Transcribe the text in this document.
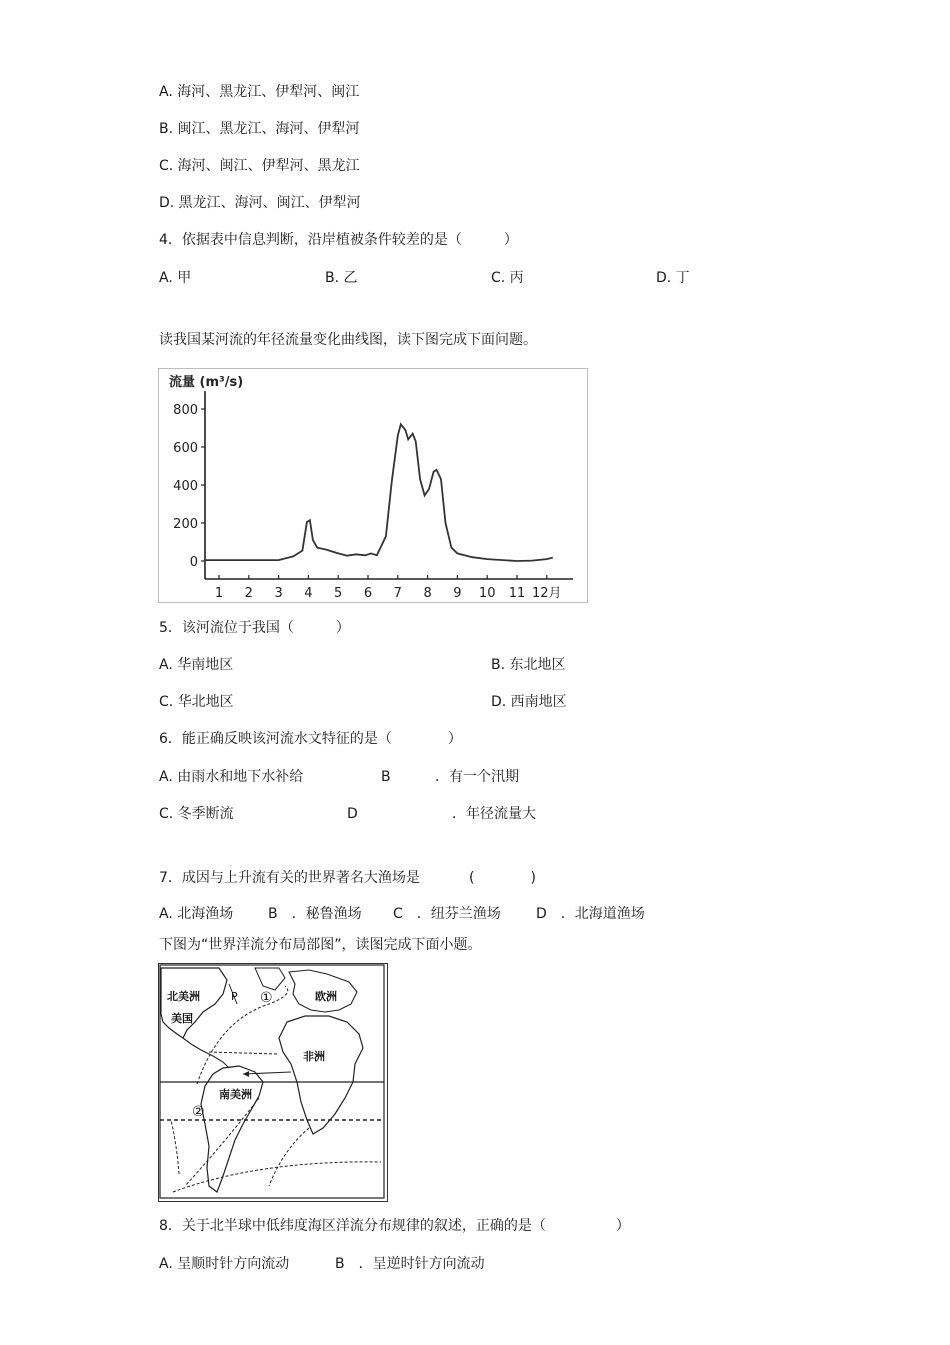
A. 海河、黑龙江、伊犁河、闽江
B. 闽江、黑龙江、海河、伊犁河
C. 海河、闽江、伊犁河、黑龙江
D. 黑龙江、海河、闽江、伊犁河
4．依据表中信息判断，沿岸植被条件较差的是（　　　）
A. 甲	B. 乙	C. 丙	D. 丁
读我国某河流的年径流量变化曲线图，读下图完成下面问题。
流量 (m³/s)
0
200
400
600
800
1 2 3 4 5 6 7 8 9 10 11 12月
5．该河流位于我国（　　　）
A. 华南地区	B. 东北地区
C. 华北地区	D. 西南地区
6．能正确反映该河流水文特征的是（　　　　）
A. 由雨水和地下水补给	B	．有一个汛期
C. 冬季断流	D	．年径流量大
7．成因与上升流有关的世界著名大渔场是	(　　　　)
A. 北海渔场 B　．秘鲁渔场 C　．纽芬兰渔场	D　．北海道渔场
下图为“世界洋流分布局部图”，读图完成下面小题。
北美洲
美国
P ①	欧洲
非洲
南美洲
②
8．关于北半球中低纬度海区洋流分布规律的叙述，正确的是（　　　　　）
A. 呈顺时针方向流动	B　．呈逆时针方向流动
